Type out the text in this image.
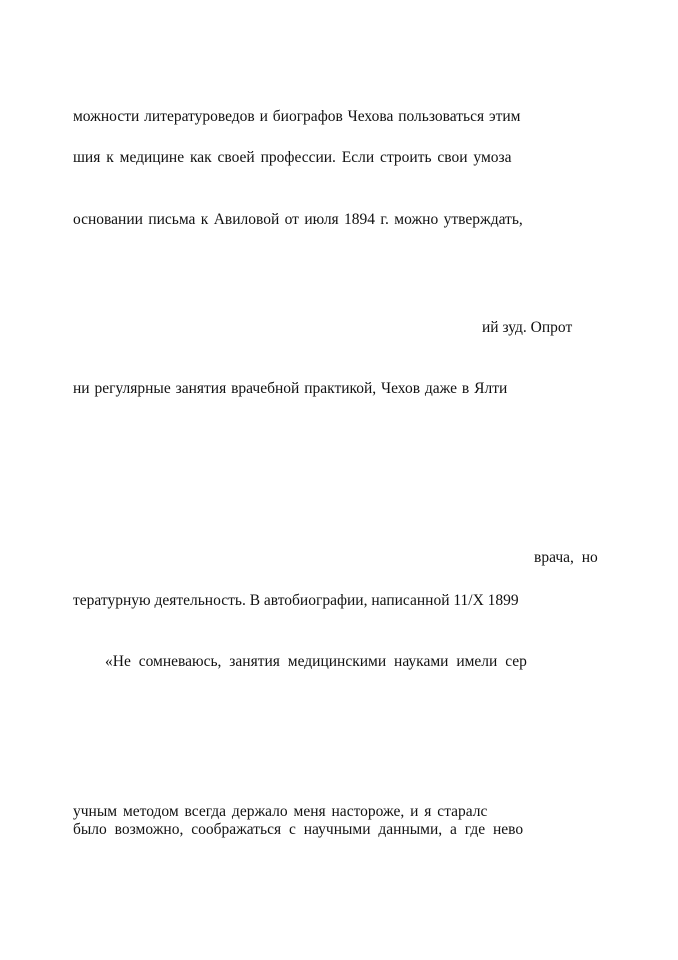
можности литературоведов и биографов Чехова пользоваться этим
шия к медицине как своей профессии. Если строить свои умоза
основании письма к Авиловой от июля 1894 г. можно утверждать,
ий зуд. Опрот
ни регулярные занятия врачебной практикой, Чехов даже в Ялти
врача, но
тературную деятельность. В автобиографии, написанной 11/X 1899
«Не сомневаюсь, занятия медицинскими науками имели сер
учным методом всегда держало меня настороже, и я старалс
было возможно, соображаться с научными данными, а где нево
